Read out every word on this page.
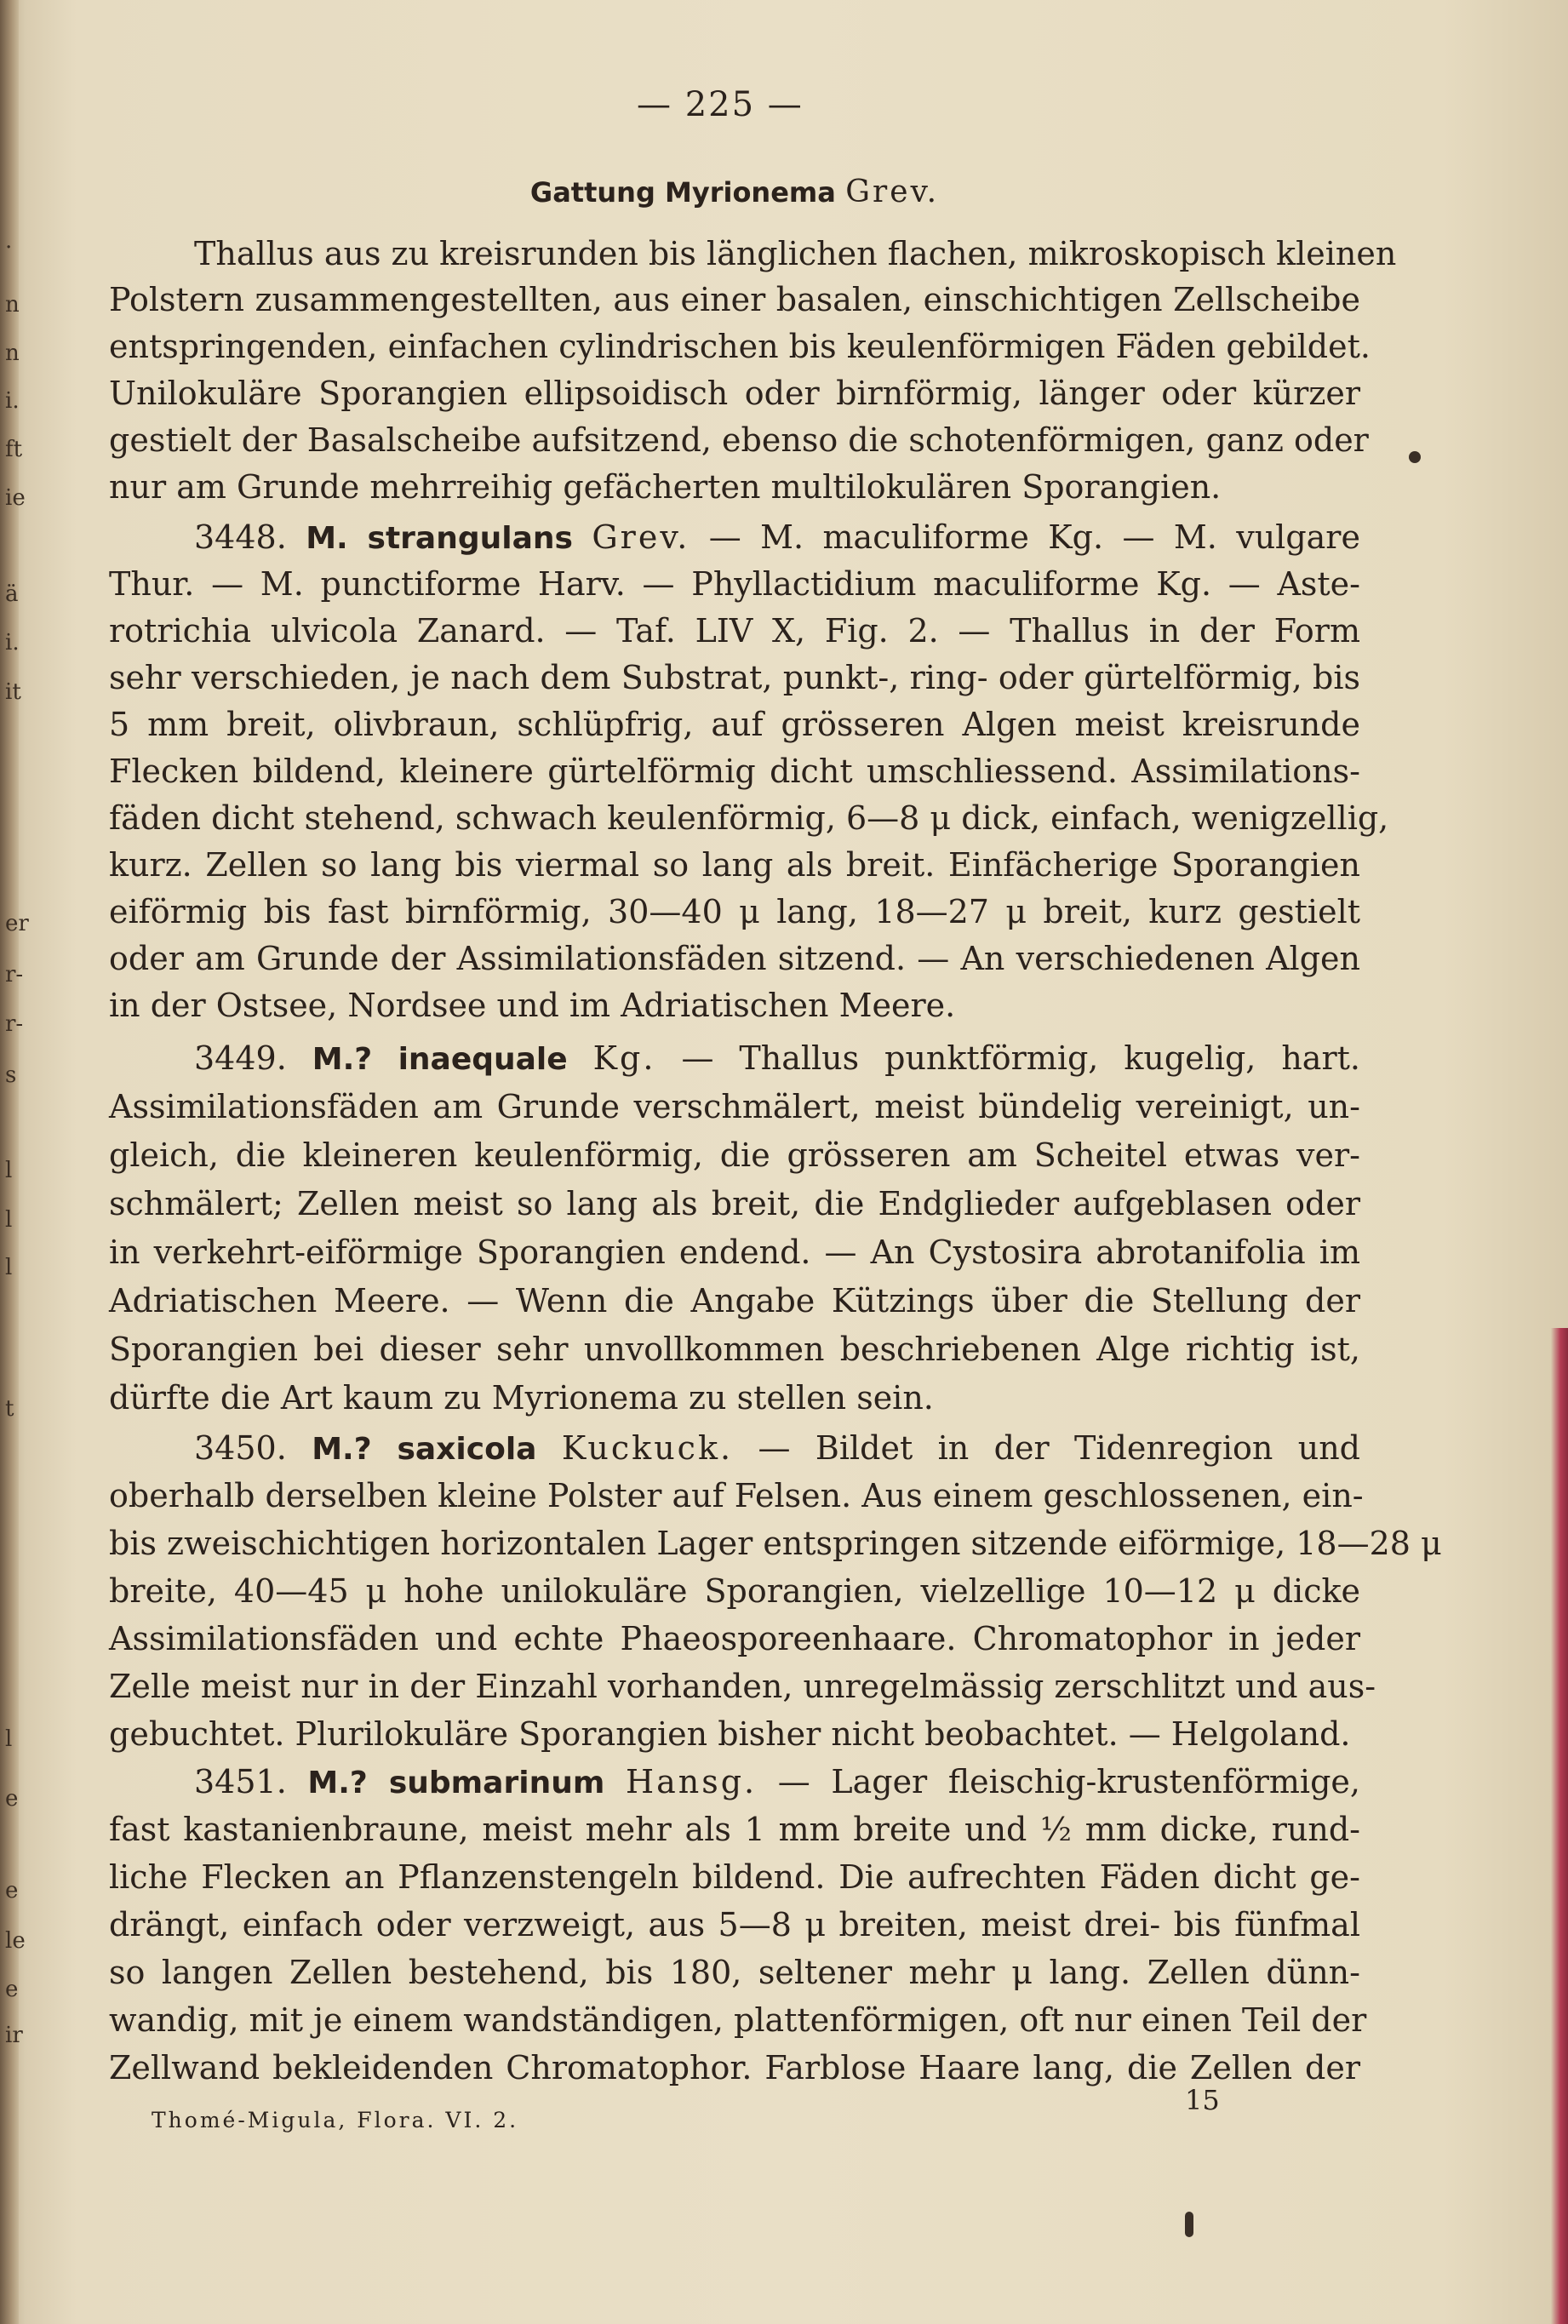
.
n
n
i.
ft
ie
ä
i.
it
er
r-
r-
s
l
l
l
t
l
e
e
le
e
ir
— 225 —
Gattung Myrionema Grev.
Thallus aus zu kreisrunden bis länglichen flachen, mikroskopisch kleinen
Polstern zusammengestellten, aus einer basalen, einschichtigen Zellscheibe
entspringenden, einfachen cylindrischen bis keulenförmigen Fäden gebildet.
Unilokuläre Sporangien ellipsoidisch oder birnförmig, länger oder kürzer
gestielt der Basalscheibe aufsitzend, ebenso die schotenförmigen, ganz oder
nur am Grunde mehrreihig gefächerten multilokulären Sporangien.
3448. M. strangulans Grev. — M. maculiforme Kg. — M. vulgare
Thur. — M. punctiforme Harv. — Phyllactidium maculiforme Kg. — Aste-
rotrichia ulvicola Zanard. — Taf. LIV X, Fig. 2. — Thallus in der Form
sehr verschieden, je nach dem Substrat, punkt-, ring- oder gürtelförmig, bis
5 mm breit, olivbraun, schlüpfrig, auf grösseren Algen meist kreisrunde
Flecken bildend, kleinere gürtelförmig dicht umschliessend. Assimilations-
fäden dicht stehend, schwach keulenförmig, 6—8 μ dick, einfach, wenigzellig,
kurz. Zellen so lang bis viermal so lang als breit. Einfächerige Sporangien
eiförmig bis fast birnförmig, 30—40 μ lang, 18—27 μ breit, kurz gestielt
oder am Grunde der Assimilationsfäden sitzend. — An verschiedenen Algen
in der Ostsee, Nordsee und im Adriatischen Meere.
3449. M.? inaequale Kg. — Thallus punktförmig, kugelig, hart.
Assimilationsfäden am Grunde verschmälert, meist bündelig vereinigt, un-
gleich, die kleineren keulenförmig, die grösseren am Scheitel etwas ver-
schmälert; Zellen meist so lang als breit, die Endglieder aufgeblasen oder
in verkehrt-eiförmige Sporangien endend. — An Cystosira abrotanifolia im
Adriatischen Meere. — Wenn die Angabe Kützings über die Stellung der
Sporangien bei dieser sehr unvollkommen beschriebenen Alge richtig ist,
dürfte die Art kaum zu Myrionema zu stellen sein.
3450. M.? saxicola Kuckuck. — Bildet in der Tidenregion und
oberhalb derselben kleine Polster auf Felsen. Aus einem geschlossenen, ein-
bis zweischichtigen horizontalen Lager entspringen sitzende eiförmige, 18—28 μ
breite, 40—45 μ hohe unilokuläre Sporangien, vielzellige 10—12 μ dicke
Assimilationsfäden und echte Phaeosporeenhaare. Chromatophor in jeder
Zelle meist nur in der Einzahl vorhanden, unregelmässig zerschlitzt und aus-
gebuchtet. Plurilokuläre Sporangien bisher nicht beobachtet. — Helgoland.
3451. M.? submarinum Hansg. — Lager fleischig-krustenförmige,
fast kastanienbraune, meist mehr als 1 mm breite und ½ mm dicke, rund-
liche Flecken an Pflanzenstengeln bildend. Die aufrechten Fäden dicht ge-
drängt, einfach oder verzweigt, aus 5—8 μ breiten, meist drei- bis fünfmal
so langen Zellen bestehend, bis 180, seltener mehr μ lang. Zellen dünn-
wandig, mit je einem wandständigen, plattenförmigen, oft nur einen Teil der
Zellwand bekleidenden Chromatophor. Farblose Haare lang, die Zellen der
Thomé-Migula, Flora. VI. 2.
15
